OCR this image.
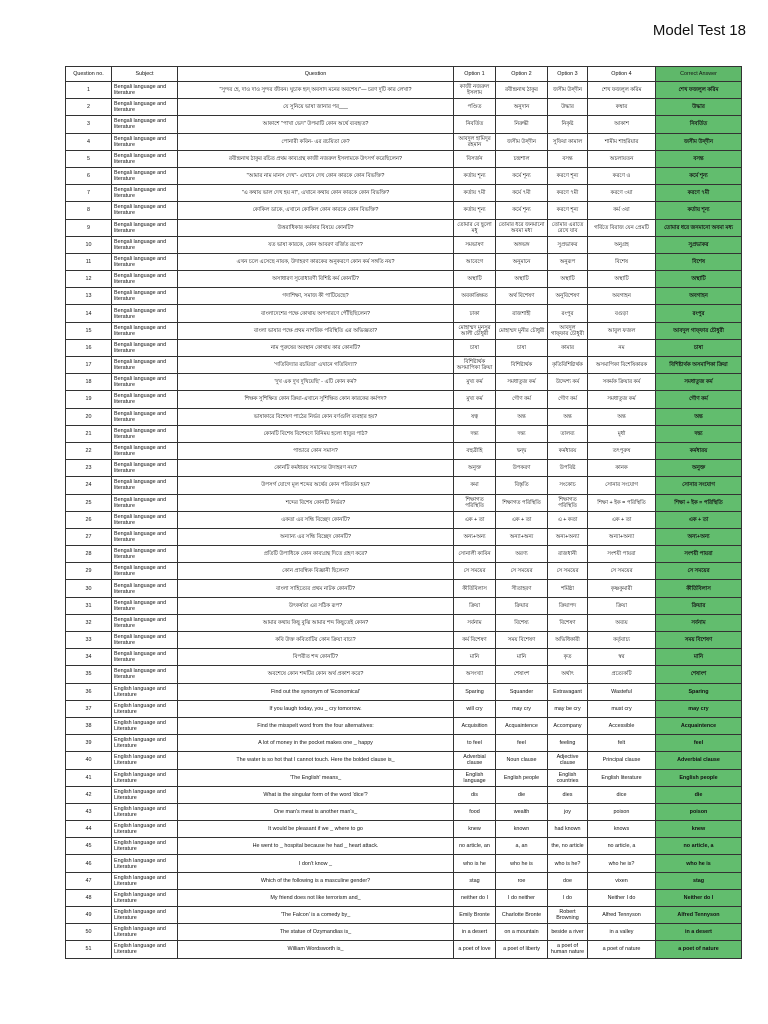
Model Test 18
Question no.	Subject	Question	Option 1	Option 2	Option 3	Option 4	Correct Answer
1	Bengali language and literature	"সুন্দর হে, দাও দাও সুন্দর জীবন। ঘুচাক হৃদ্ অবসাদ মনের অবশেষ।"— চরণ দুটি কার লেখা?	কাজী নজরুল ইসলাম	রবীন্দ্রনাথ ঠাকুর	জসীম উদ্‌দীন	শেখ ফজলুল করিম	শেখ ফজলুল করিম
2	Bengali language and literature	যে সুনিয়ে ভাষা জানার পর___	পণ্ডিত	অনুদান	উদ্ধার	কম্বার	উদ্ধার
3	Bengali language and literature	আকাশে "পাখা ভেদ" উপমাটি কোন অর্থে ব্যবহৃত?	নিবর্তিত	নিরুদ্ধী	নিকৃষ্ট	আকাশ	নিবর্তিত
4	Bengali language and literature	পোনারী কবিন- এর রচয়িতা কে?	আবদুল হামিদুর রহমান	জসীম উদ্‌দীন	সুফিয়া কামাল	শামীম শাহরিয়ার	জসীম উদ্‌দীন
5	Bengali language and literature	রবীন্দ্রনাথ ঠাকুর রচিত প্রথম কাব্যগ্রন্থ কাজী নজরুল ইসলামকে উৎসর্গ করেছিলেন?	বিসর্জন	চন্দ্রশাল	বসন্ত	অচলায়তন	বসন্ত
6	Bengali language and literature	"আমার নাম মানস দেখ"- এখানে দেখ কোন কারকে কোন বিভক্তি?	কর্তায় শূন্য	কর্মে শূন্য	করণে শূন্য	করণে ও	কর্মে শূন্য
7	Bengali language and literature	"এ কথায় ভাল দেখ হয় না", এখানে কথায় কোন কারকে কোন বিভক্তি?	কর্তায় ৭মী	কর্মে ৭মী	করণে ৭মী	করণে ৩য়া	করণে ৭মী
8	Bengali language and literature	কোকিল ডাকে, এখানে কোকিল কোন কারকে কোন বিভক্তি?	কর্তায় শূন্য	কর্মে শূন্য	করণে শূন্য	কর্ম ৩য়া	কর্তায় শূন্য
9	Bengali language and literature	উত্তরাধিকার কর্মকার বিষয়ে কোনটি?	তোমার বে ছুলো মধু	তোমার ধরে জনমানো অবমা মধ্য	তোমার এরাতে রেখে যাব	গর্বিতে বিরাজ যেন প্রেমটি	তোমার ধরে জনমানো অবমা মধ্য
10	Bengali language and literature	যত ভাষা কারকে, কোন আবরণ বর্জিত রূপে?	সমভাষণ	অঙ্গভঙ্গ	সুপ্রভাকর	অনুগ্রহ	সুপ্রভাকর
11	Bengali language and literature	এখন চলে এসেছে নায়ক, উদাহরণ কারকের অনুকরণে কোন কর্ম সঙ্গতি নয়?	আবেগে	অনুমানে	অনুরূপ	বিশেষ	বিশেষ
12	Bengali language and literature	অসাধারণ সুবোধারণী বিশিষ্ট কর্ম কোনটি?	অস্থাটি	অস্থাটি	অস্থাটি	অস্থাটি	অস্থাটি
13	Bengali language and literature	গদাশিক্ষা, সমাজ কী পাটিয়েছে?	অবকাঙ্ক্ষিত	অর্থ বিশেষণ	অনুবিশেষণ	অবগাহন	অবগাহন
14	Bengali language and literature	বাংলাদেশের পক্ষে কোথায় অপসারণে পৌঁছিছিলেন?	ঢাকা	রাজশাহী	রংপুর	বগুড়া	রংপুর
15	Bengali language and literature	বাংলা ভাষার পক্ষে প্রথম নাগরিক পরিস্থিতি এর অভিজ্ঞতা?	মোহাম্মদ মুনসুর আলী চৌধুরী	মোহাম্মদ মুনীর চৌধুরী	আবদুল গাফ্‌ফার চৌধুরী	আবুল ফজল	আবদুল গাফ্‌ফার চৌধুরী
16	Bengali language and literature	নাম পুরুষের অবস্থান কোথায় কার কোনটি?	চাষা	চাষা	কামার	নম	চাষা
17	Bengali language and literature	'গতিবিদ্যার রচয়িতা' এখানে গতিবিদ্যা?	বিশিষ্টার্থক অসমাপিকা ক্রিয়া	বিশিষ্টার্থক	কৃতিবিশিষ্টার্থক	অসমাপিকা বিশেষিকারক	বিশিষ্টার্থক অসমাপিকা ক্রিয়া
18	Bengali language and literature	'দুখ এক দুখ দুখিয়েছি' - এটি কোন কর্ম?	মুখ্য কর্ম	সমধাতুজ কর্ম	উদ্দেশ্য কর্ম	সকর্মক ক্রিয়ার কর্ম	সমধাতুজ কর্ম
19	Bengali language and literature	শিক্ষক সুশিক্ষিত কোন ক্রিয়া-এখানে সুশিক্ষিত কোন কারকের কর্মপদ?	মুখ্য কর্ম	গৌণ কর্ম	গৌণ কর্ম	সমধাতুজ কর্ম	গৌণ কর্ম
20	Bengali language and literature	ভাষাকারে বিশেষণ পাঠের নির্ভর কোন বর্ণগুলি ব্যবহার হয়?	ষত্ব	অন্ত	অন্ত	অন্ত	অন্ত
21	Bengali language and literature	কোনটি বিশেষ বিশেষণে বিনিময় হলো ধাতুর পাঠ?	দন্ত্য	দন্ত্য	তালব্য	মূর্ধা	দন্ত্য
22	Bengali language and literature	পান্ডারে কোন সমাস?	বহুব্রীহি	দ্বন্দ্ব	কর্মধারয়	তৎপুরুষ	কর্মধারয়
23	Bengali language and literature	কোনটি কর্মধারয় সমাসের উদাহরণ নয়?	অনুক্ত	উপকরণ	উপবিষ্ট	কানক	অনুক্ত
24	Bengali language and literature	উপসর্গ যোগে মূল শব্দের অর্থের কোন পরিবর্তন হয়?	কমা	বিস্তৃতি	সংকোচ	সোনার সংযোগ	সোনার সংযোগ
25	Bengali language and literature	শব্দের বিশেষ কোনটি নির্ভর?	শিক্ষাগত পরিস্থিতি	শিক্ষাগত পরিস্থিতি	শিক্ষাগত পরিস্থিতি	শিক্ষা + ইক = পরিস্থিতি	শিক্ষা + ইক = পরিস্থিতি
26	Bengali language and literature	একতা এর সন্ধি বিচ্ছেদ কোনটি?	এক + তা	এক + তা	এ + কতা	এক + তা	এক + তা
27	Bengali language and literature	অন্যান্য এর সন্ধি বিচ্ছেদ কোনটি?	অন্য+অন্য	অন্যা+অন্য	অন্য+অন্যা	অন্যা+অন্যা	অন্য+অন্য
28	Bengali language and literature	প্রতিটি উপাধিকে কোন কাব্যগ্রন্থ দিতে গ্রহণ করে?	সোনালী কাবিন	অরণ্য	রাজধানী	সংশয়ী পায়রা	সংশয়ী পায়রা
29	Bengali language and literature	কোন প্রাবন্ধিক বিজ্ঞানী ছিলেন?	সে সময়ের	সে সময়ের	সে সময়ের	সে সময়ের	সে সময়ের
30	Bengali language and literature	বাংলা সাহিত্যের প্রথম নাটক কোনটি?	কীর্তিবিলাস	সীতাহরণ	শর্মিষ্ঠা	কৃষ্ণকুমারী	কীর্তিবিলাস
31	Bengali language and literature	উৎকর্ষতা এর সঠিক রূপ?	ক্রিয়া	ক্রিয়ার	ক্রিয়াপদ	ক্রিয়া	ক্রিয়ার
32	Bengali language and literature	আমার কথায় কিছু বুঝি আমার শব্দ কিছুতেই কোন?	সর্বনাম	বিশেষ্য	বিশেষণ	অব্যয়	সর্বনাম
33	Bengali language and literature	কবি উক্ত কবিতাটির কোন ক্রিয়া বাচ্য?	কর্ম বিশেষণ	সময় বিশেষণ	অভিধিকারী	কর্তৃবাচ্য	সময় বিশেষণ
34	Bengali language and literature	বিপরীত শব্দ কোনটি?	মানি	মানি	কৃত	স্বর	মানি
35	Bengali language and literature	অবশেষে কোন শব্দটির কোন অর্থ প্রকাশ করে?	অসংখ্যা	শেষাংশ	অর্থাৎ	প্রত্যেকটি	শেষাংশ
36	English language and Literature	Find out the synonym of 'Economical'	Sparing	Squander	Extravagant	Wasteful	Sparing
37	English language and Literature	If you laugh today, you _ cry tomorrow.	will cry	may cry	may be cry	must cry	may cry
38	English language and Literature	Find the misspelt word from the four alternatives:	Acquisition	Acquaintence	Accompany	Accessible	Acquaintence
39	English language and Literature	A lot of money in the pocket makes one _ happy	to feel	feel	feeling	felt	feel
40	English language and Literature	The water is so hot that I cannot touch. Here the bolded clause is_	Adverbial clause	Noun clause	Adjective clause	Principal clause	Adverbial clause
41	English language and Literature	'The English' means_	English language	English people	English countries	English literature	English people
42	English language and Literature	What is the singular form of the word 'dice'?	dis	die	dies	dice	die
43	English language and Literature	One man's meat is another man's_	food	wealth	joy	poison	poison
44	English language and Literature	It would be pleasant if we _ where to go	knew	known	had known	knows	knew
45	English language and Literature	He went to _ hospital because he had _ heart attack.	no article, an	a, an	the, no article	no article, a	no article, a
46	English language and Literature	I don't know _	who is he	who he is	who is he?	who he is?	who he is
47	English language and Literature	Which of the following is a masculine gender?	stag	roe	doe	vixen	stag
48	English language and Literature	My friend does not like terrorism and_	neither do I	I do neither	I do	Neither I do	Neither do I
49	English language and Literature	'The Falcon' is a comedy by_	Emily Bronte	Charlotte Bronte	Robert Browning	Alfred Tennyson	Alfred Tennyson
50	English language and Literature	The statue of Ozymandias is_	in a desert	on a mountain	beside a river	in a valley	in a desert
51	English language and Literature	William Wordsworth is_	a poet of love	a poet of liberty	a poet of human nature	a poet of nature	a poet of nature
